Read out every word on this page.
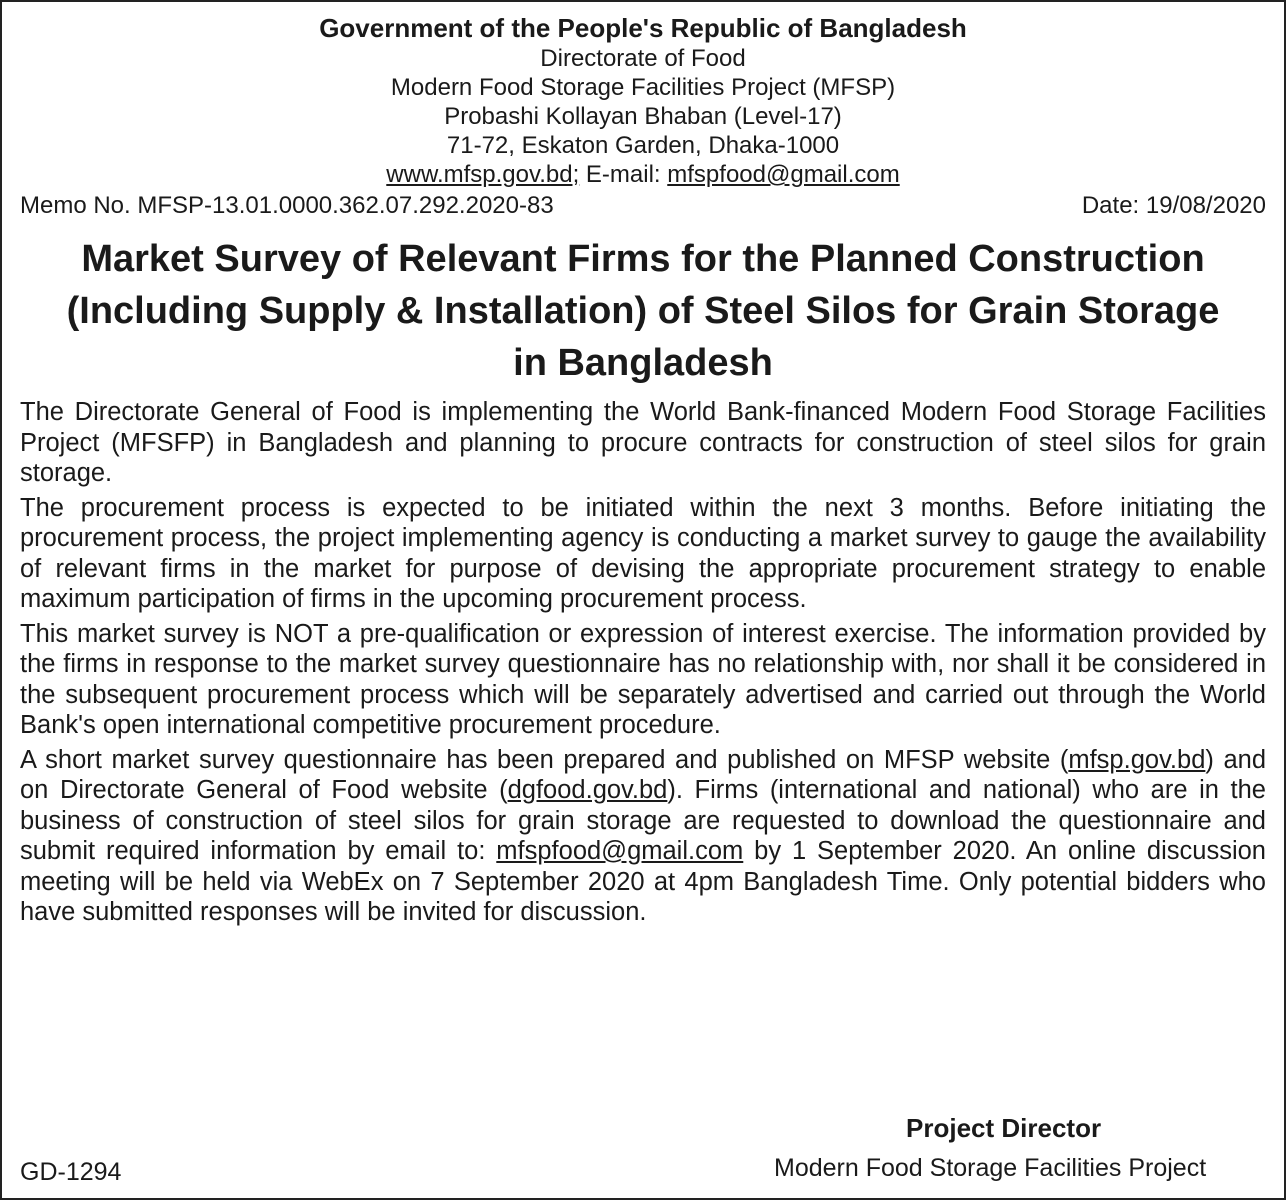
Government of the People's Republic of Bangladesh
Directorate of Food
Modern Food Storage Facilities Project (MFSP)
Probashi Kollayan Bhaban (Level-17)
71-72, Eskaton Garden, Dhaka-1000
www.mfsp.gov.bd; E-mail: mfspfood@gmail.com
Memo No. MFSP-13.01.0000.362.07.292.2020-83	Date: 19/08/2020
Market Survey of Relevant Firms for the Planned Construction (Including Supply & Installation) of Steel Silos for Grain Storage in Bangladesh

The Directorate General of Food is implementing the World Bank-financed Modern Food Storage Facilities Project (MFSFP) in Bangladesh and planning to procure contracts for construction of steel silos for grain storage.

The procurement process is expected to be initiated within the next 3 months. Before initiating the procurement process, the project implementing agency is conducting a market survey to gauge the availability of relevant firms in the market for purpose of devising the appropriate procurement strategy to enable maximum participation of firms in the upcoming procurement process.

This market survey is NOT a pre-qualification or expression of interest exercise. The information provided by the firms in response to the market survey questionnaire has no relationship with, nor shall it be considered in the subsequent procurement process which will be separately advertised and carried out through the World Bank's open international competitive procurement procedure.

A short market survey questionnaire has been prepared and published on MFSP website (mfsp.gov.bd) and on Directorate General of Food website (dgfood.gov.bd). Firms (international and national) who are in the business of construction of steel silos for grain storage are requested to download the questionnaire and submit required information by email to: mfspfood@gmail.com by 1 September 2020. An online discussion meeting will be held via WebEx on 7 September 2020 at 4pm Bangladesh Time. Only potential bidders who have submitted responses will be invited for discussion.

Project Director
GD-1294	Modern Food Storage Facilities Project
